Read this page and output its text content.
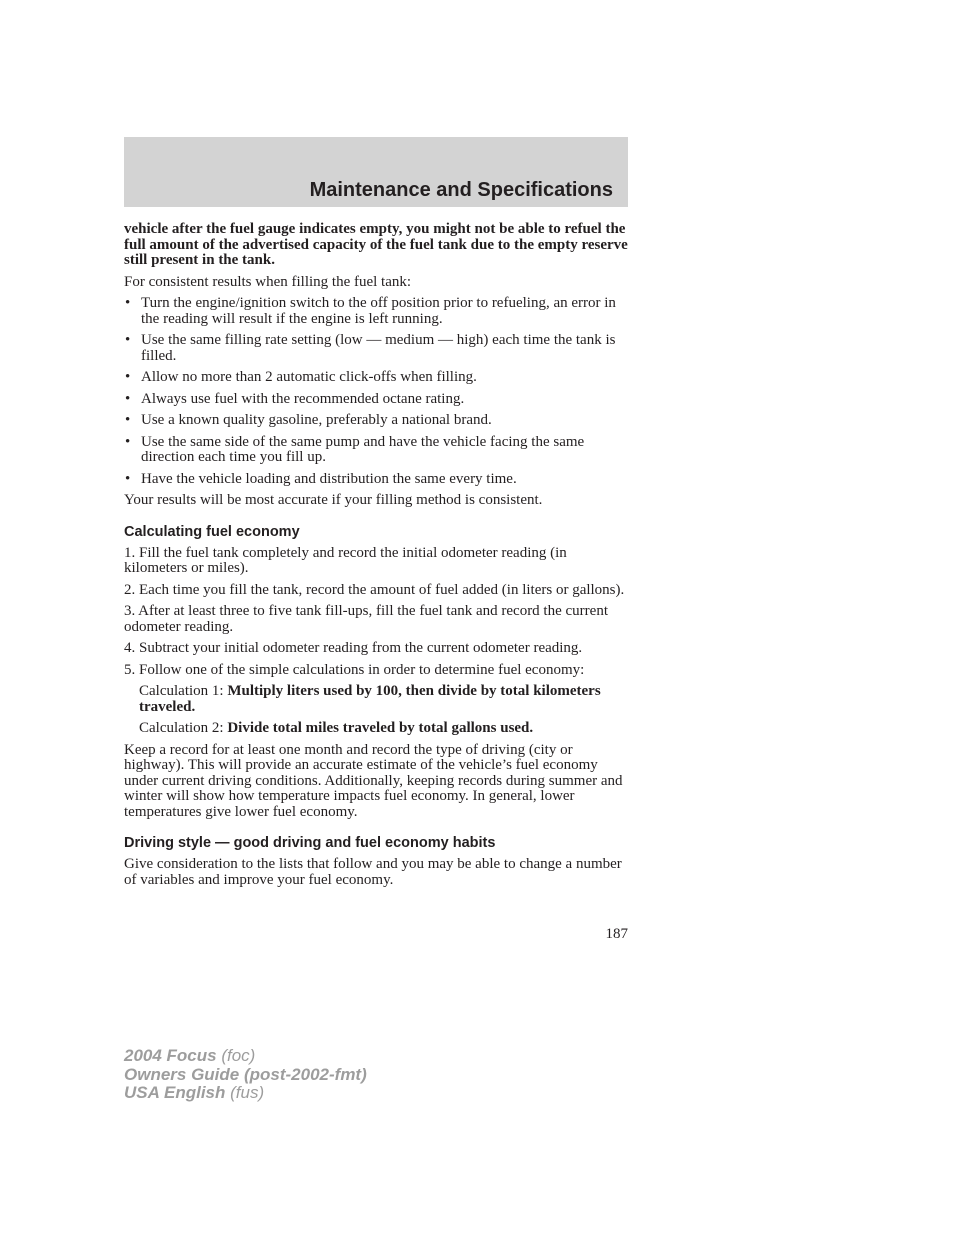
Maintenance and Specifications

vehicle after the fuel gauge indicates empty, you might not be able to refuel the full amount of the advertised capacity of the fuel tank due to the empty reserve still present in the tank.

For consistent results when filling the fuel tank:

• Turn the engine/ignition switch to the off position prior to refueling, an error in the reading will result if the engine is left running.
• Use the same filling rate setting (low — medium — high) each time the tank is filled.
• Allow no more than 2 automatic click-offs when filling.
• Always use fuel with the recommended octane rating.
• Use a known quality gasoline, preferably a national brand.
• Use the same side of the same pump and have the vehicle facing the same direction each time you fill up.
• Have the vehicle loading and distribution the same every time.

Your results will be most accurate if your filling method is consistent.

Calculating fuel economy
1. Fill the fuel tank completely and record the initial odometer reading (in kilometers or miles).
2. Each time you fill the tank, record the amount of fuel added (in liters or gallons).
3. After at least three to five tank fill-ups, fill the fuel tank and record the current odometer reading.
4. Subtract your initial odometer reading from the current odometer reading.
5. Follow one of the simple calculations in order to determine fuel economy:

Calculation 1: Multiply liters used by 100, then divide by total kilometers traveled.

Calculation 2: Divide total miles traveled by total gallons used.

Keep a record for at least one month and record the type of driving (city or highway). This will provide an accurate estimate of the vehicle’s fuel economy under current driving conditions. Additionally, keeping records during summer and winter will show how temperature impacts fuel economy. In general, lower temperatures give lower fuel economy.

Driving style — good driving and fuel economy habits

Give consideration to the lists that follow and you may be able to change a number of variables and improve your fuel economy.

187
2004 Focus (foc)
Owners Guide (post-2002-fmt)
USA English (fus)
